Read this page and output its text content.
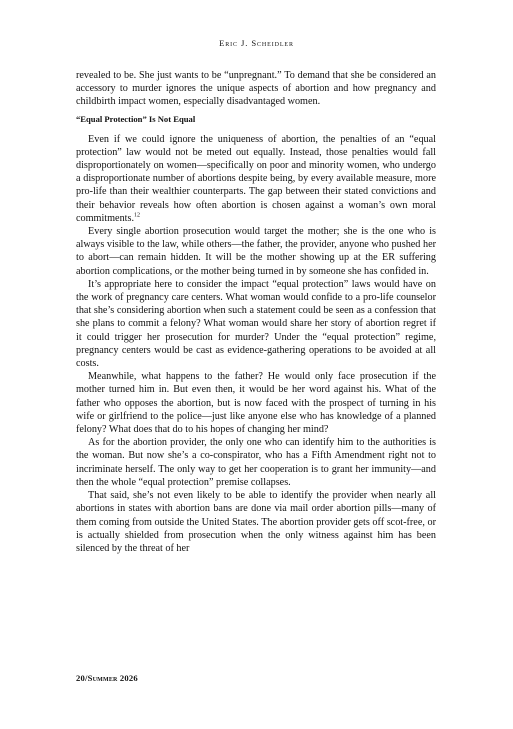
Eric J. Scheidler

revealed to be. She just wants to be “unpregnant.” To demand that she be considered an accessory to murder ignores the unique aspects of abortion and how pregnancy and childbirth impact women, especially disadvantaged women.

“Equal Protection” Is Not Equal

Even if we could ignore the uniqueness of abortion, the penalties of an “equal protection” law would not be meted out equally. Instead, those penalties would fall disproportionately on women—specifically on poor and minority women, who undergo a disproportionate number of abortions despite being, by every available measure, more pro-life than their wealthier counterparts. The gap between their stated convictions and their behavior reveals how often abortion is chosen against a woman’s own moral commitments.$^{12}$

Every single abortion prosecution would target the mother; she is the one who is always visible to the law, while others—the father, the provider, anyone who pushed her to abort—can remain hidden. It will be the mother showing up at the ER suffering abortion complications, or the mother being turned in by someone she has confided in.

It’s appropriate here to consider the impact “equal protection” laws would have on the work of pregnancy care centers. What woman would confide to a pro-life counselor that she’s considering abortion when such a statement could be seen as a confession that she plans to commit a felony? What woman would share her story of abortion regret if it could trigger her prosecution for murder? Under the “equal protection” regime, pregnancy centers would be cast as evidence-gathering operations to be avoided at all costs.

Meanwhile, what happens to the father? He would only face prosecution if the mother turned him in. But even then, it would be her word against his. What of the father who opposes the abortion, but is now faced with the prospect of turning in his wife or girlfriend to the police—just like anyone else who has knowledge of a planned felony? What does that do to his hopes of changing her mind?

As for the abortion provider, the only one who can identify him to the authorities is the woman. But now she’s a co-conspirator, who has a Fifth Amendment right not to incriminate herself. The only way to get her cooperation is to grant her immunity—and then the whole “equal protection” premise collapses.

That said, she’s not even likely to be able to identify the provider when nearly all abortions in states with abortion bans are done via mail order abortion pills—many of them coming from outside the United States. The abortion provider gets off scot-free, or is actually shielded from prosecution when the only witness against him has been silenced by the threat of her

20/Summer 2026
